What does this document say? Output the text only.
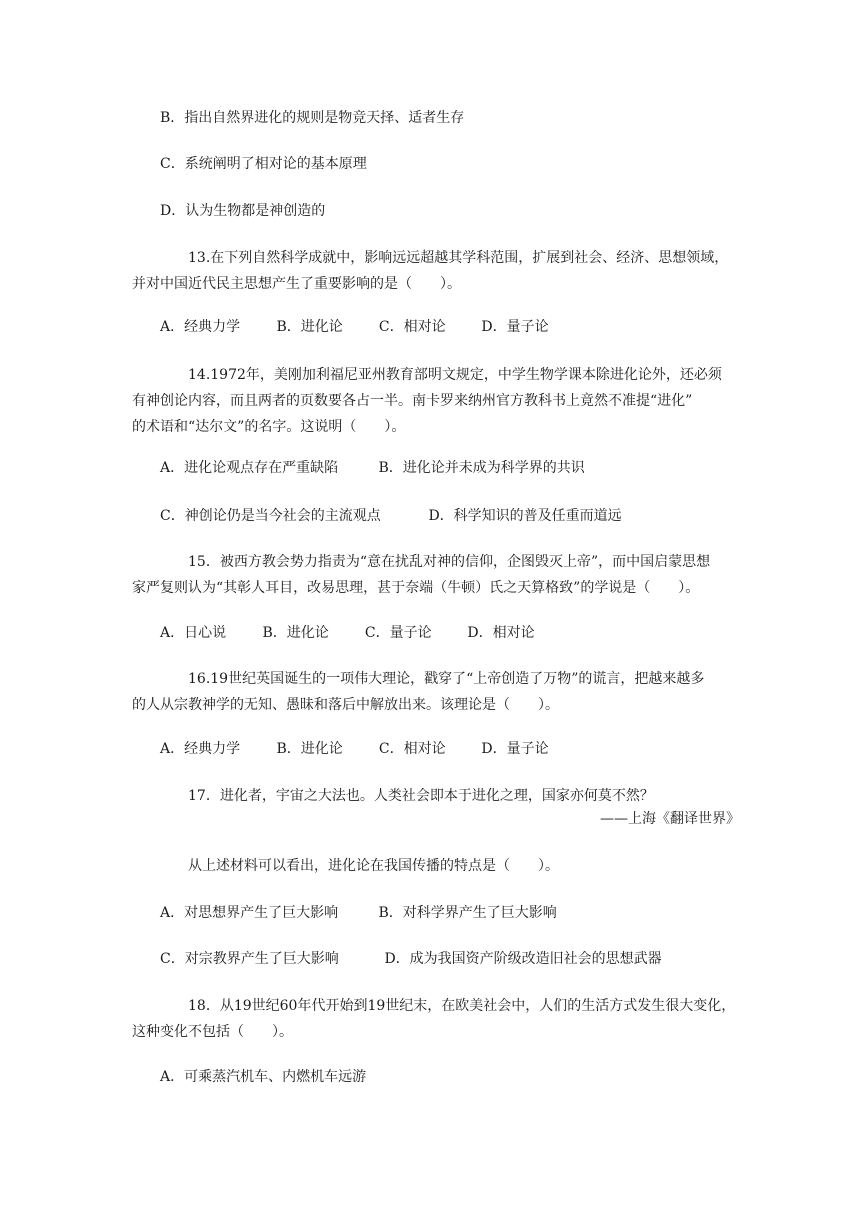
B．指出自然界进化的规则是物竞天择、适者生存
C．系统阐明了相对论的基本原理
D．认为生物都是神创造的
13.在下列自然科学成就中，影响远远超越其学科范围，扩展到社会、经济、思想领域，
并对中国近代民主思想产生了重要影响的是（　　）。
A．经典力学	B．进化论	C．相对论	D．量子论
14.1972年，美刚加利福尼亚州教育部明文规定，中学生物学课本除进化论外，还必须
有神创论内容，而且两者的页数要各占一半。南卡罗来纳州官方教科书上竟然不准提“进化”
的术语和“达尔文”的名字。这说明（　　）。
A．进化论观点存在严重缺陷	B．进化论并未成为科学界的共识
C．神创论仍是当今社会的主流观点	D．科学知识的普及任重而道远
15．被西方教会势力指责为“意在扰乱对神的信仰，企图毁灭上帝”，而中国启蒙思想
家严复则认为“其彰人耳目，改易思理，甚于奈端（牛顿）氏之天算格致”的学说是（　　）。
A．日心说	B．进化论	C．量子论	D．相对论
16.19世纪英国诞生的一项伟大理论，戳穿了“上帝创造了万物”的谎言，把越来越多
的人从宗教神学的无知、愚昧和落后中解放出来。该理论是（　　）。
A．经典力学	B．进化论	C．相对论	D．量子论
17．进化者，宇宙之大法也。人类社会即本于进化之理，国家亦何莫不然？
——上海《翻译世界》
从上述材料可以看出，进化论在我国传播的特点是（　　）。
A．对思想界产生了巨大影响	B．对科学界产生了巨大影响
C．对宗教界产生了巨大影响	D．成为我国资产阶级改造旧社会的思想武器
18．从19世纪60年代开始到19世纪末，在欧美社会中，人们的生活方式发生很大变化，
这种变化不包括（　　）。
A．可乘蒸汽机车、内燃机车远游
